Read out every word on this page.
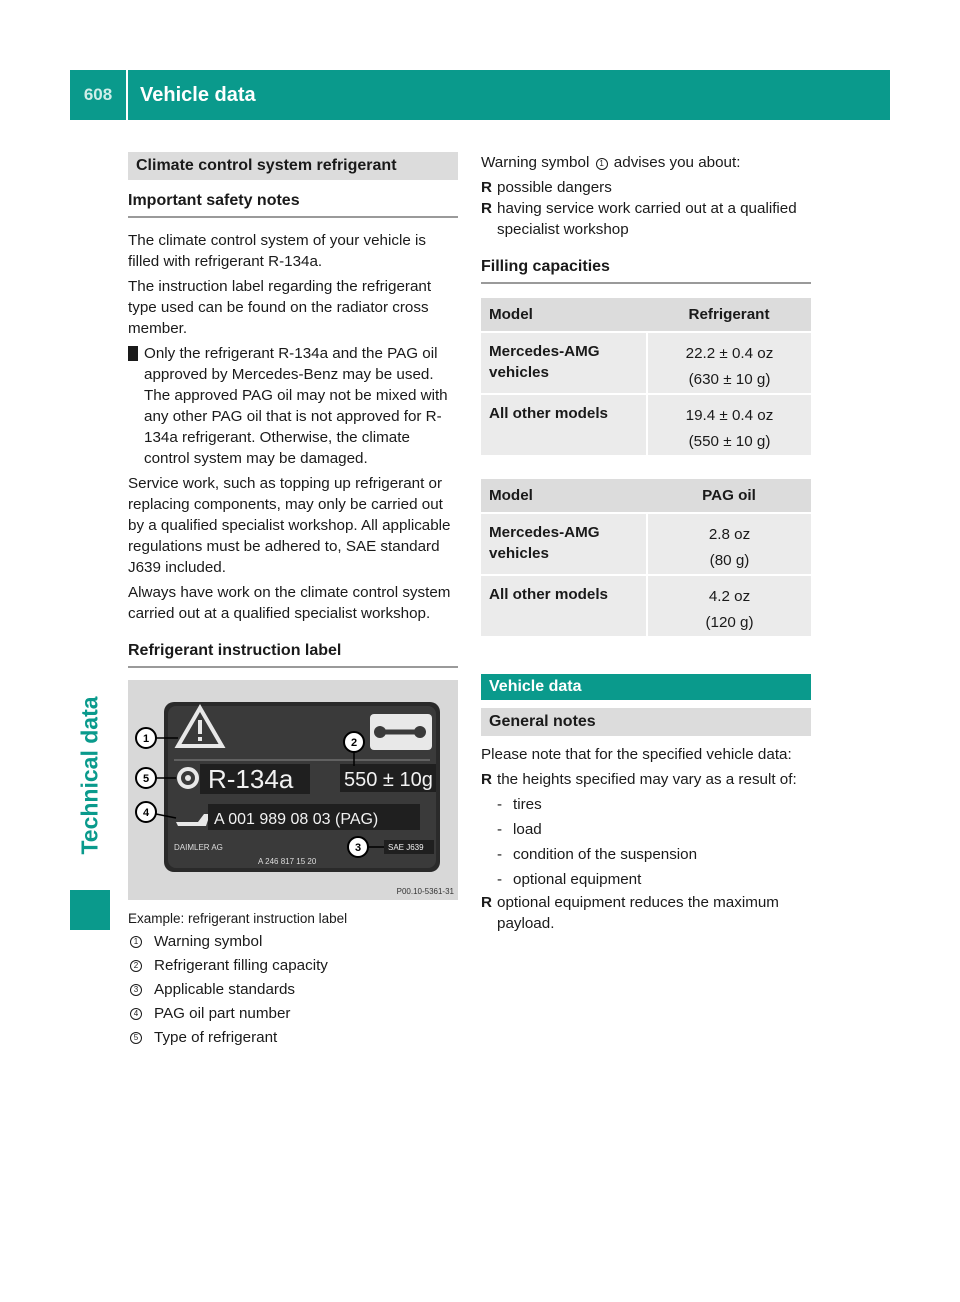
608	Vehicle data
Technical data
Climate control system refrigerant
Important safety notes

The climate control system of your vehicle is filled with refrigerant R-134a.

The instruction label regarding the refrigerant type used can be found on the radiator cross member.

! Only the refrigerant R-134a and the PAG oil approved by Mercedes-Benz may be used. The approved PAG oil may not be mixed with any other PAG oil that is not approved for R-134a refrigerant. Otherwise, the climate control system may be damaged.

Service work, such as topping up refrigerant or replacing components, may only be carried out by a qualified specialist workshop. All applicable regulations must be adhered to, SAE standard J639 included.

Always have work on the climate control system carried out at a qualified specialist workshop.

Refrigerant instruction label
R-134a	550 ± 10g
A 001 989 08 03 (PAG)
DAIMLER AG
A 246 817 15 20
SAE J639
1	2
3
4
5
P00.10-5361-31

Example: refrigerant instruction label

1 Warning symbol
2 Refrigerant filling capacity
3 Applicable standards
4 PAG oil part number
5 Type of refrigerant

Warning symbol 1 advises you about:

R possible dangers
R having service work carried out at a qualified specialist workshop
Filling capacities
Model	Refrigerant
Mercedes-AMG vehicles	22.2 ± 0.4 oz
(630 ± 10 g)

All other models	19.4 ± 0.4 oz
(550 ± 10 g)
Model	PAG oil
Mercedes-AMG vehicles	2.8 oz
(80 g)

All other models	4.2 oz
(120 g)
Vehicle data
General notes

Please note that for the specified vehicle data:

R the heights specified may vary as a result of:
- tires
- load
- condition of the suspension
- optional equipment
R optional equipment reduces the maximum payload.
